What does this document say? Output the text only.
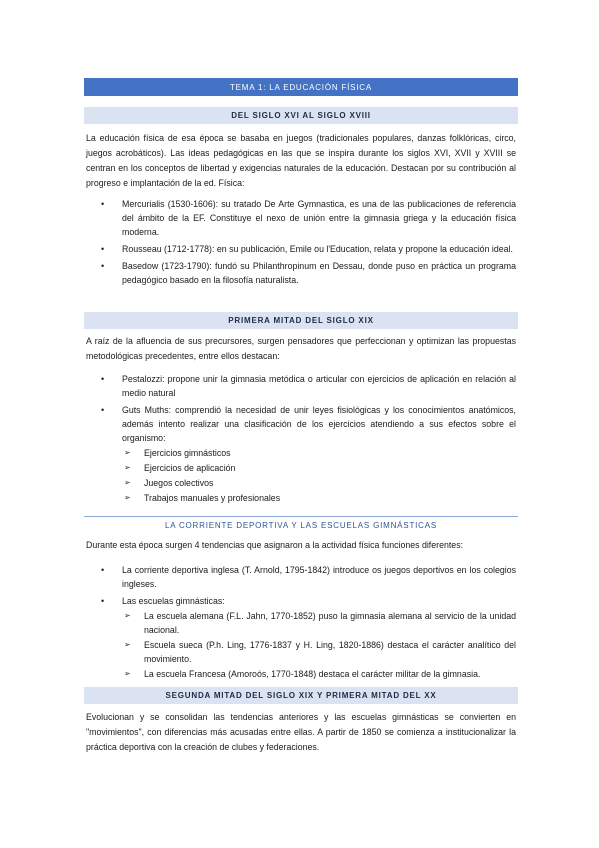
TEMA 1: LA EDUCACIÓN FÍSICA
DEL SIGLO XVI AL SIGLO XVIII

La educación física de esa época se basaba en juegos (tradicionales populares, danzas folklóricas, circo, juegos acrobáticos). Las ideas pedagógicas en las que se inspira durante los siglos XVI, XVII y XVIII se centran en los conceptos de libertad y exigencias naturales de la educación. Destacan por su contribución al progreso e implantación de la ed. Física:

• Mercurialis (1530-1606): su tratado De Arte Gymnastica, es una de las publicaciones de referencia del ámbito de la EF. Constituye el nexo de unión entre la gimnasia griega y la educación física moderna.
• Rousseau (1712-1778): en su publicación, Emile ou l'Education, relata y propone la educación ideal.
• Basedow (1723-1790): fundó su Philanthropinum en Dessau, donde puso en práctica un programa pedagógico basado en la filosofía naturalista.
PRIMERA MITAD DEL SIGLO XIX

A raíz de la afluencia de sus precursores, surgen pensadores que perfeccionan y optimizan las propuestas metodológicas precedentes, entre ellos destacan:

• Pestalozzi: propone unir la gimnasia metódica o articular con ejercicios de aplicación en relación al medio natural
• Guts Muths: comprendió la necesidad de unir leyes fisiológicas y los conocimientos anatómicos, además intento realizar una clasificación de los ejercicios atendiendo a sus efectos sobre el organismo:
➢ Ejercicios gimnásticos
➢ Ejercicios de aplicación
➢ Juegos colectivos
➢ Trabajos manuales y profesionales
LA CORRIENTE DEPORTIVA Y LAS ESCUELAS GIMNÁSTICAS

Durante esta época surgen 4 tendencias que asignaron a la actividad física funciones diferentes:

• La corriente deportiva inglesa (T. Arnold, 1795-1842) introduce os juegos deportivos en los colegios ingleses.
• Las escuelas gimnásticas:
➢ La escuela alemana (F.L. Jahn, 1770-1852) puso la gimnasia alemana al servicio de la unidad nacional.
➢ Escuela sueca (P.h. Ling, 1776-1837 y H. Ling, 1820-1886) destaca el carácter analítico del movimiento.
➢ La escuela Francesa (Amoroós, 1770-1848) destaca el carácter militar de la gimnasia.
SEGUNDA MITAD DEL SIGLO XIX Y PRIMERA MITAD DEL XX

Evolucionan y se consolidan las tendencias anteriores y las escuelas gimnásticas se convierten en "movimientos", con diferencias más acusadas entre ellas. A partir de 1850 se comienza a institucionalizar la práctica deportiva con la creación de clubes y federaciones.
